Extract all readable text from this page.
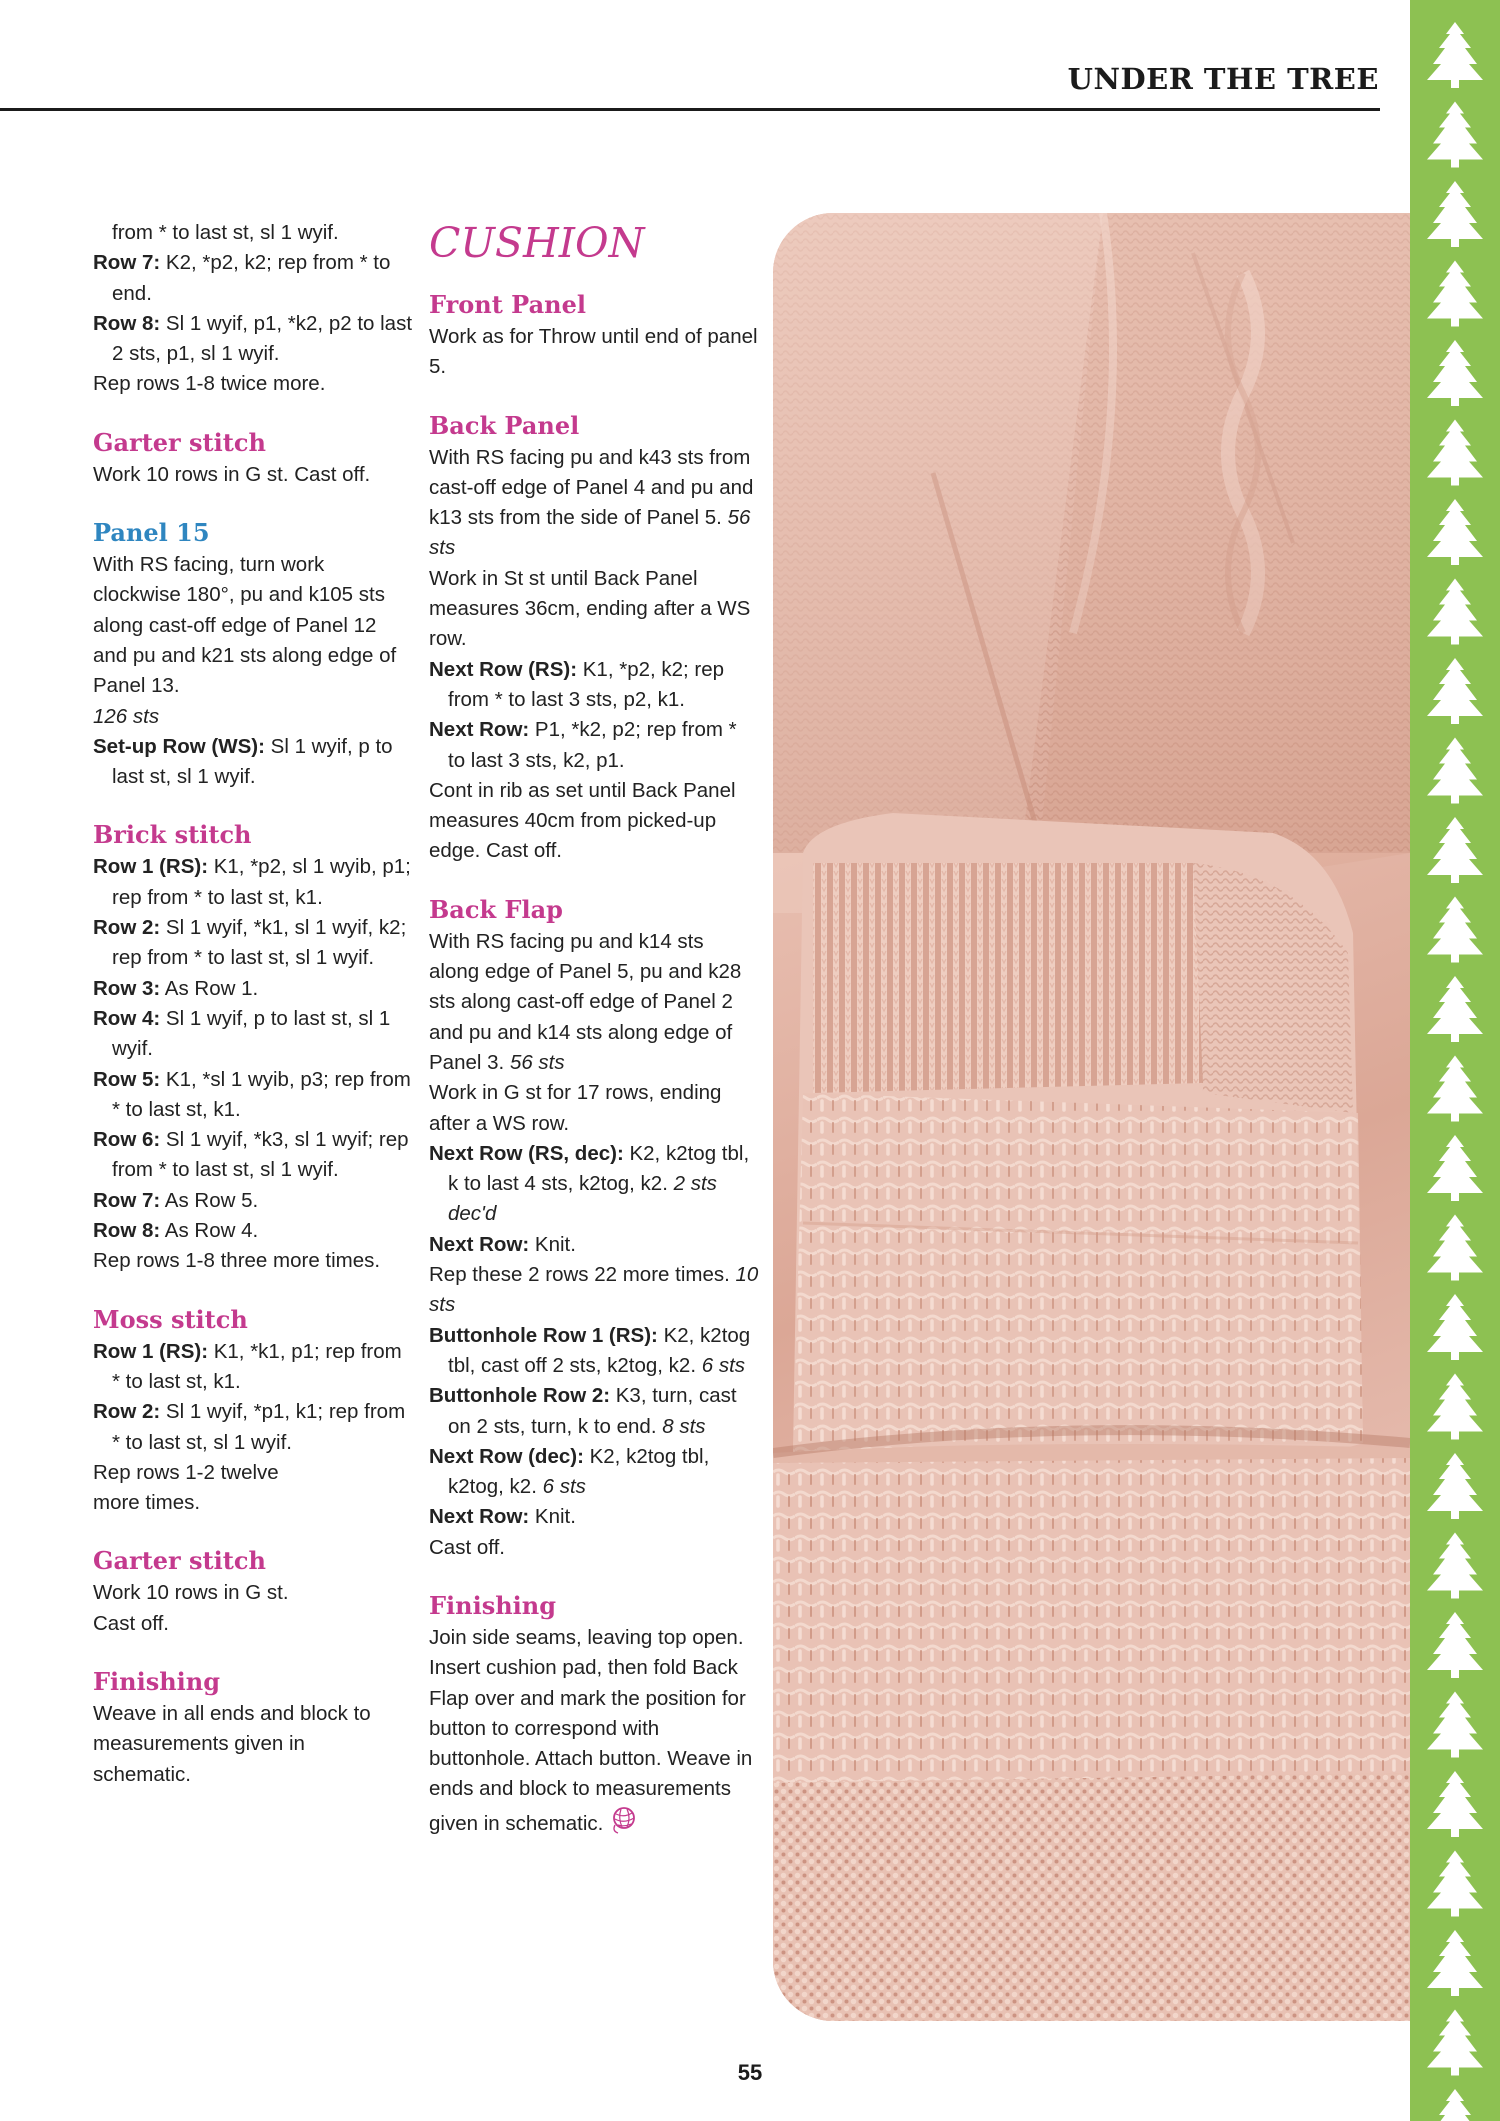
UNDER THE TREE

from * to last st, sl 1 wyif.

Row 7: K2, *p2, k2; rep from * to end.

Row 8: Sl 1 wyif, p1, *k2, p2 to last 2 sts, p1, sl 1 wyif.

Rep rows 1-8 twice more.

Garter stitch

Work 10 rows in G st. Cast off.

Panel 15

With RS facing, turn work clockwise 180°, pu and k105 sts along cast-off edge of Panel 12 and pu and k21 sts along edge of Panel 13.

126 sts

Set-up Row (WS): Sl 1 wyif, p to last st, sl 1 wyif.

Brick stitch

Row 1 (RS): K1, *p2, sl 1 wyib, p1; rep from * to last st, k1.

Row 2: Sl 1 wyif, *k1, sl 1 wyif, k2; rep from * to last st, sl 1 wyif.

Row 3: As Row 1.

Row 4: Sl 1 wyif, p to last st, sl 1 wyif.

Row 5: K1, *sl 1 wyib, p3; rep from * to last st, k1.

Row 6: Sl 1 wyif, *k3, sl 1 wyif; rep from * to last st, sl 1 wyif.

Row 7: As Row 5.

Row 8: As Row 4.

Rep rows 1-8 three more times.

Moss stitch

Row 1 (RS): K1, *k1, p1; rep from * to last st, k1.

Row 2: Sl 1 wyif, *p1, k1; rep from * to last st, sl 1 wyif.

Rep rows 1-2 twelve more times.

Garter stitch

Work 10 rows in G st. Cast off.

Finishing

Weave in all ends and block to measurements given in schematic.

CUSHION
Front Panel

Work as for Throw until end of panel 5.

Back Panel

With RS facing pu and k43 sts from cast-off edge of Panel 4 and pu and k13 sts from the side of Panel 5. 56 sts

Work in St st until Back Panel measures 36cm, ending after a WS row.

Next Row (RS): K1, *p2, k2; rep from * to last 3 sts, p2, k1.

Next Row: P1, *k2, p2; rep from * to last 3 sts, k2, p1.

Cont in rib as set until Back Panel measures 40cm from picked-up edge. Cast off.

Back Flap

With RS facing pu and k14 sts along edge of Panel 5, pu and k28 sts along cast-off edge of Panel 2 and pu and k14 sts along edge of Panel 3. 56 sts

Work in G st for 17 rows, ending after a WS row.

Next Row (RS, dec): K2, k2tog tbl, k to last 4 sts, k2tog, k2. 2 sts dec'd

Next Row: Knit.

Rep these 2 rows 22 more times. 10 sts

Buttonhole Row 1 (RS): K2, k2tog tbl, cast off 2 sts, k2tog, k2. 6 sts

Buttonhole Row 2: K3, turn, cast on 2 sts, turn, k to end. 8 sts

Next Row (dec): K2, k2tog tbl, k2tog, k2. 6 sts

Next Row: Knit.

Cast off.

Finishing

Join side seams, leaving top open. Insert cushion pad, then fold Back Flap over and mark the position for button to correspond with buttonhole. Attach button. Weave in ends and block to measurements given in schematic.

55
